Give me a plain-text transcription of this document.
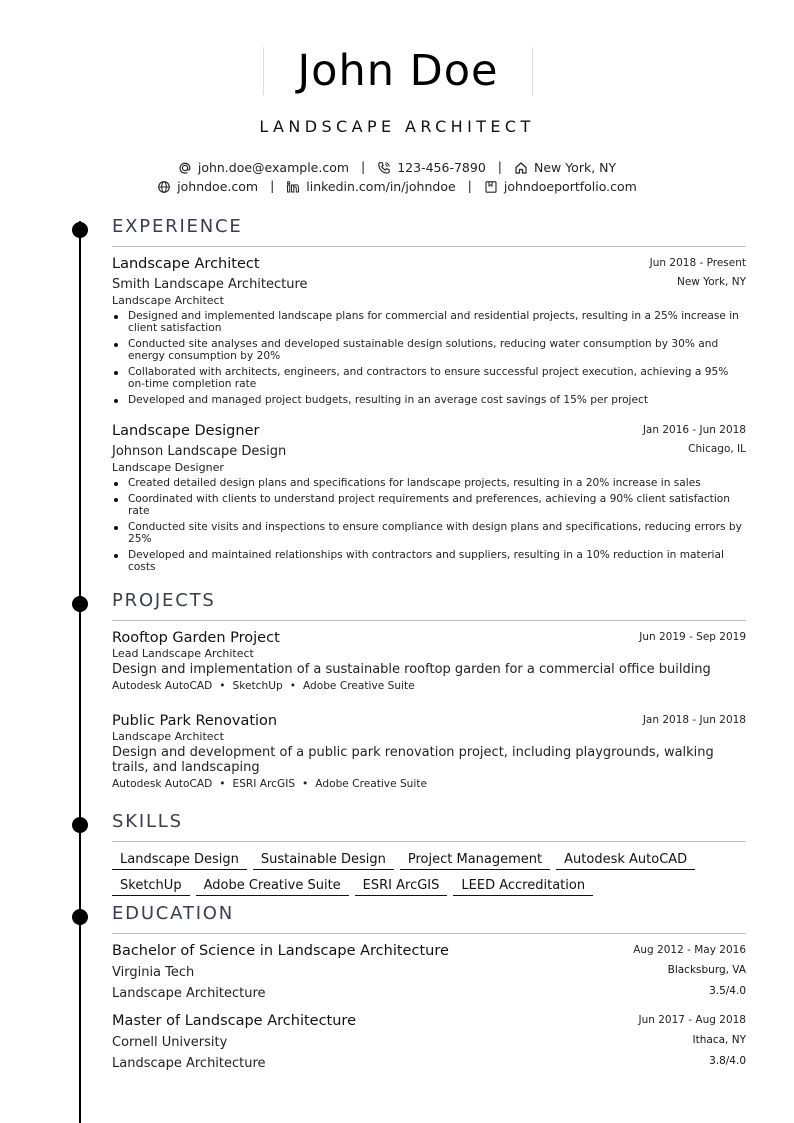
John Doe
LANDSCAPE ARCHITECT
john.doe@example.com |	123-456-7890 |	New York, NY
johndoe.com |	linkedin.com/in/johndoe |	johndoeportfolio.com
EXPERIENCE
Landscape Architect	Jun 2018 - Present
Smith Landscape Architecture	New York, NY
Landscape Architect
Designed and implemented landscape plans for commercial and residential projects, resulting in a 25% increase in client satisfaction
Conducted site analyses and developed sustainable design solutions, reducing water consumption by 30% and energy consumption by 20%
Collaborated with architects, engineers, and contractors to ensure successful project execution, achieving a 95% on-time completion rate
Developed and managed project budgets, resulting in an average cost savings of 15% per project
Landscape Designer	Jan 2016 - Jun 2018
Johnson Landscape Design	Chicago, IL
Landscape Designer
Created detailed design plans and specifications for landscape projects, resulting in a 20% increase in sales
Coordinated with clients to understand project requirements and preferences, achieving a 90% client satisfaction rate
Conducted site visits and inspections to ensure compliance with design plans and specifications, reducing errors by 25%
Developed and maintained relationships with contractors and suppliers, resulting in a 10% reduction in material costs
PROJECTS
Rooftop Garden Project	Jun 2019 - Sep 2019
Lead Landscape Architect
Design and implementation of a sustainable rooftop garden for a commercial office building
Autodesk AutoCAD • SketchUp • Adobe Creative Suite
Public Park Renovation	Jan 2018 - Jun 2018
Landscape Architect
Design and development of a public park renovation project, including playgrounds, walking trails, and landscaping
Autodesk AutoCAD • ESRI ArcGIS • Adobe Creative Suite
SKILLS
Landscape Design Sustainable Design Project Management Autodesk AutoCAD
SketchUp Adobe Creative Suite ESRI ArcGIS LEED Accreditation
EDUCATION
Bachelor of Science in Landscape Architecture	Aug 2012 - May 2016
Virginia Tech	Blacksburg, VA
Landscape Architecture	3.5/4.0
Master of Landscape Architecture	Jun 2017 - Aug 2018
Cornell University	Ithaca, NY
Landscape Architecture	3.8/4.0
